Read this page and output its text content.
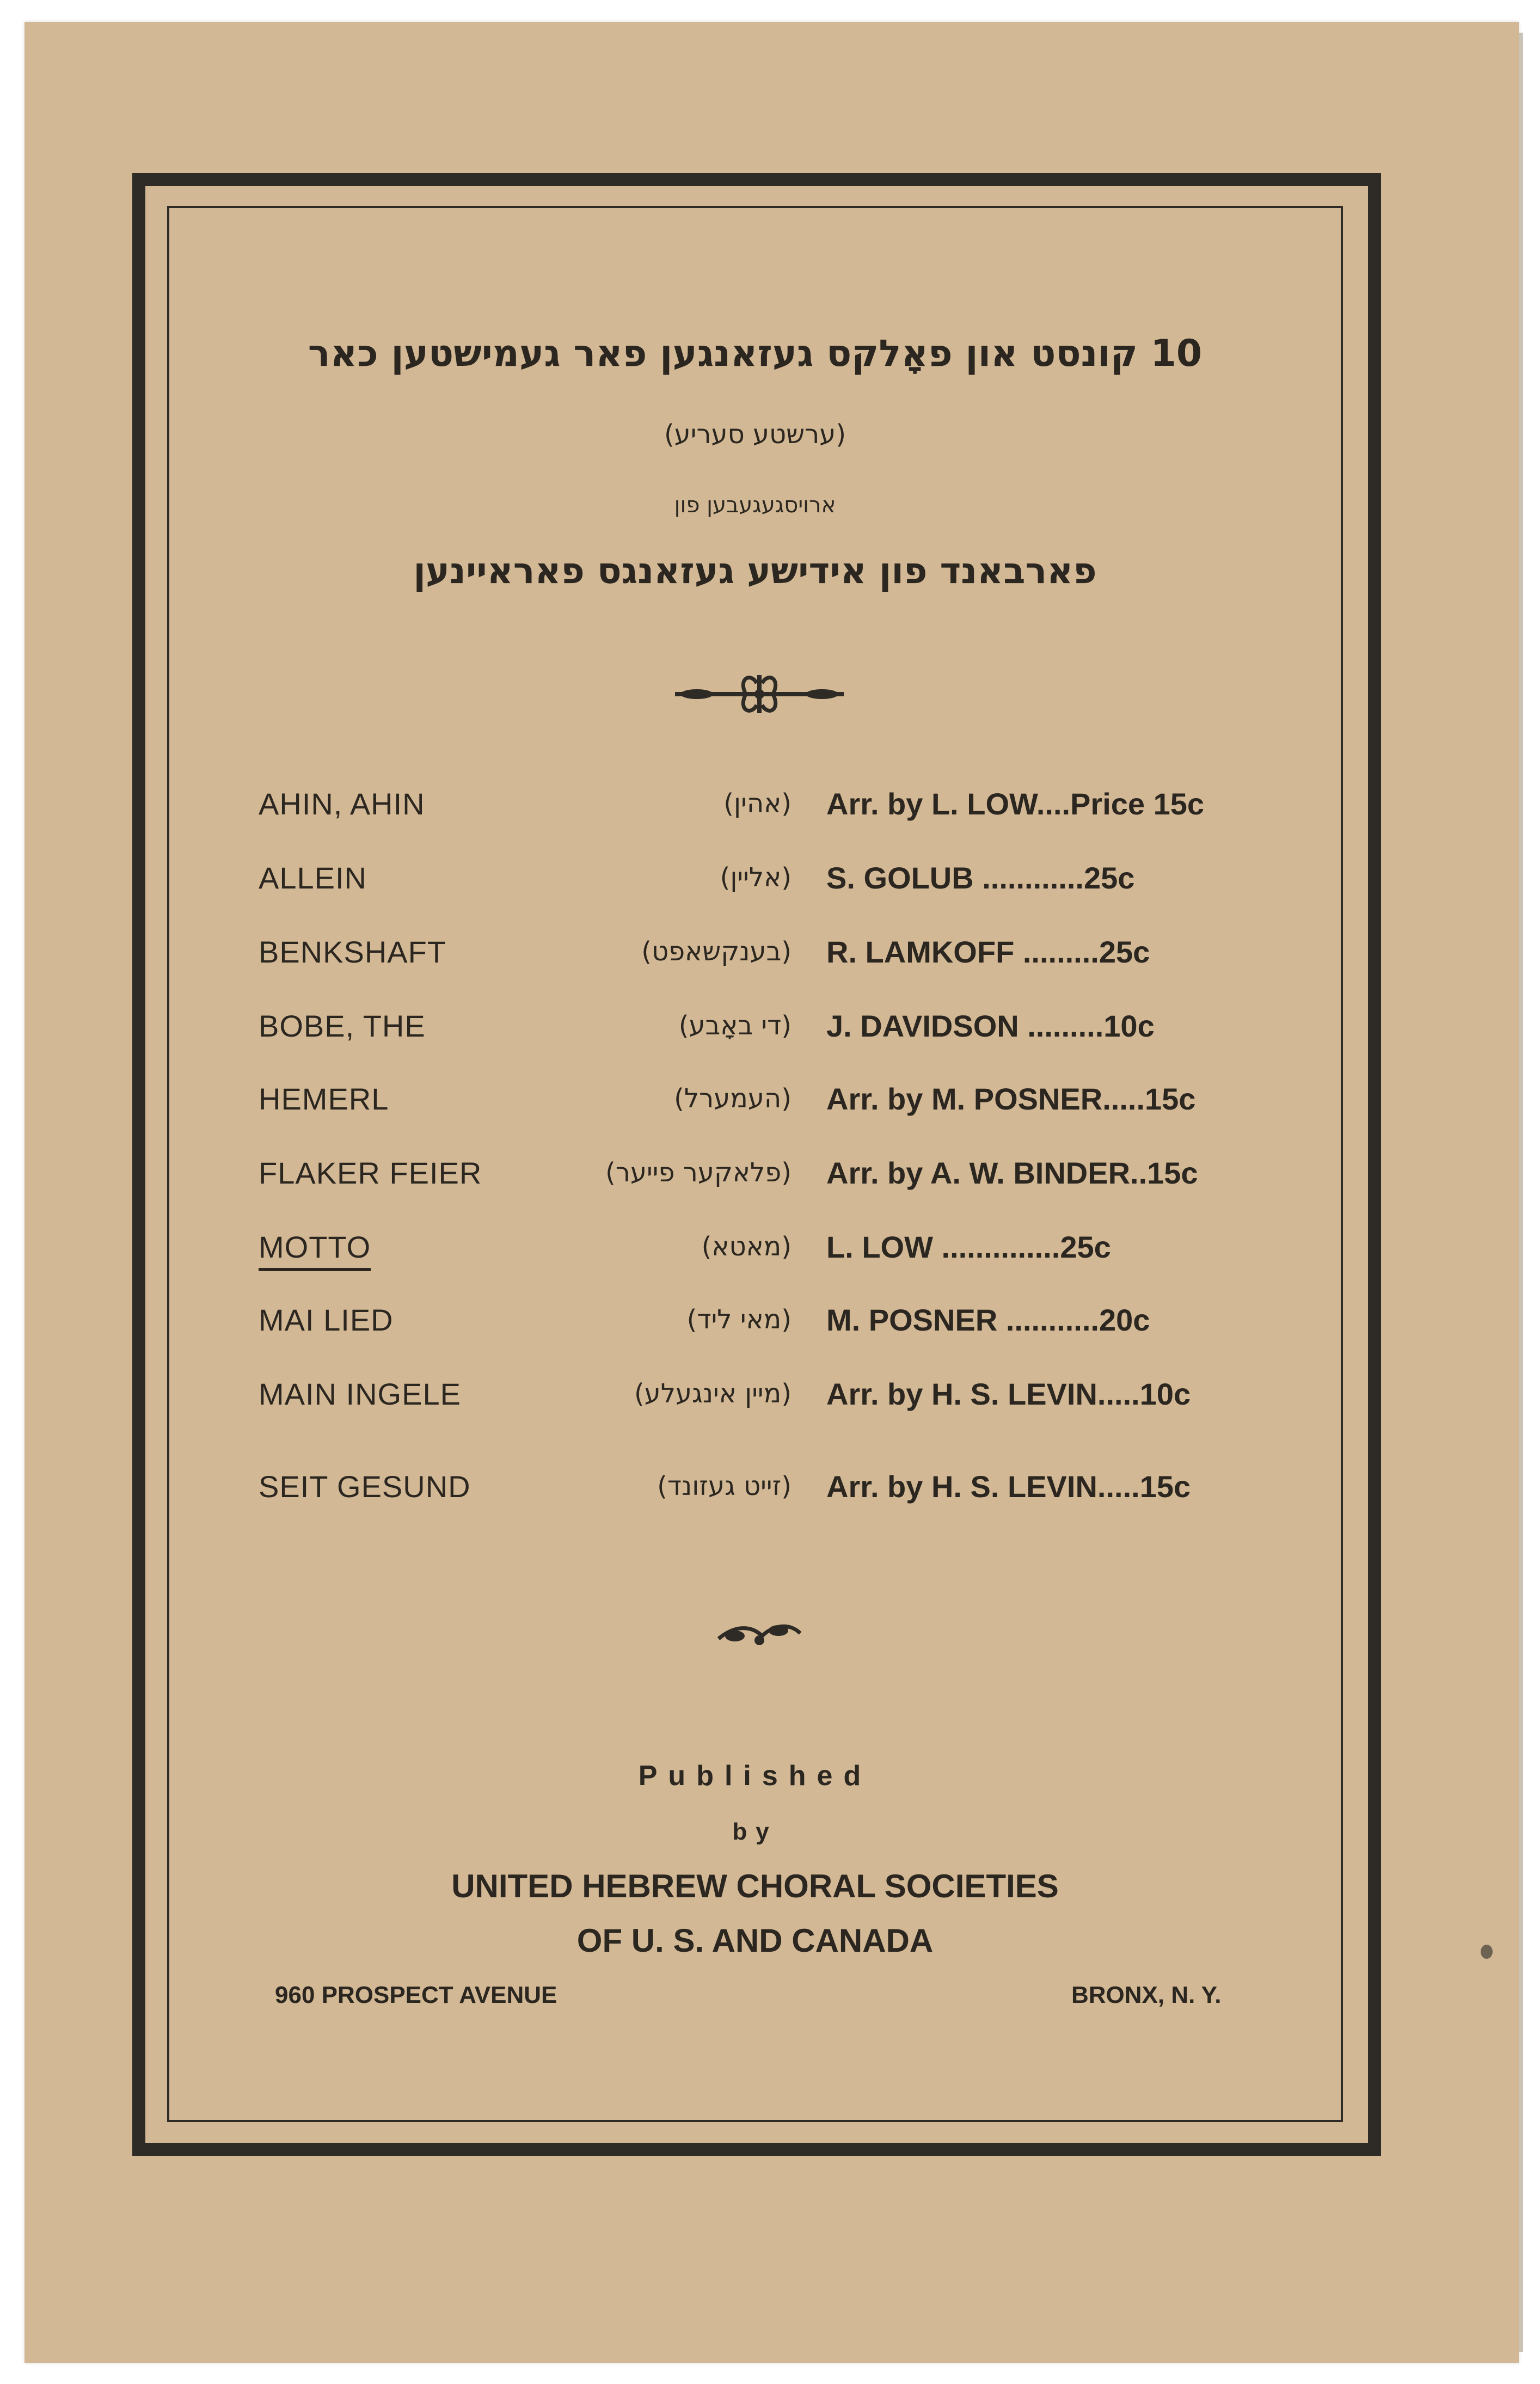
10 קונסט און פאָלקס געזאנגען פאר געמישטען כאר
(ערשטע סעריע)
ארויסגעגעבען פון
פארבאנד פון אידישע געזאנגס פאראיינען
AHIN, AHIN	(אהין) Arr. by L. LOW....Price 15c
ALLEIN	(אליין) S. GOLUB ............25c
BENKSHAFT	(בענקשאפט) R. LAMKOFF .........25c
BOBE, THE	(די באָבע) J. DAVIDSON .........10c
HEMERL	(העמערל) Arr. by M. POSNER.....15c
FLAKER FEIER	(פלאקער פייער) Arr. by A. W. BINDER..15c
MOTTO	(מאטא) L. LOW ..............25c
MAI LIED	(מאי ליד) M. POSNER ...........20c
MAIN INGELE	(מיין אינגעלע) Arr. by H. S. LEVIN.....10c
SEIT GESUND	(זייט געזונד) Arr. by H. S. LEVIN.....15c
Published
by
UNITED HEBREW CHORAL SOCIETIES
OF U. S. AND CANADA
960 PROSPECT AVENUE	BRONX, N. Y.
